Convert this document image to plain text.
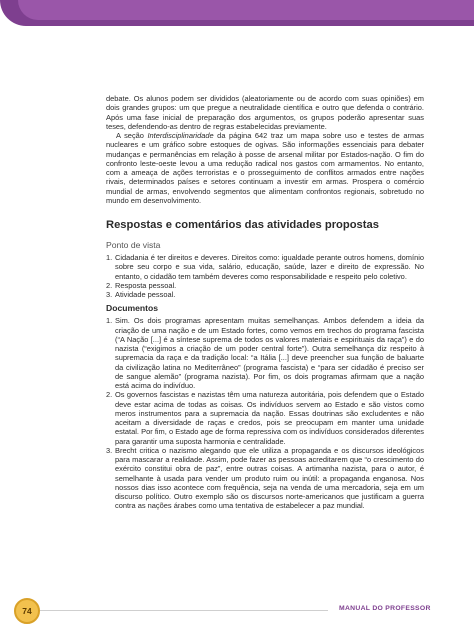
debate. Os alunos podem ser divididos (aleatoriamente ou de acordo com suas opiniões) em dois grandes grupos: um que pregue a neutralidade científica e outro que defenda o contrário. Após uma fase inicial de preparação dos argumentos, os grupos poderão apresentar suas teses, defendendo-as dentro de regras estabelecidas previamente.

A seção Interdisciplinaridade da página 642 traz um mapa sobre uso e testes de armas nucleares e um gráfico sobre estoques de ogivas. São informações essenciais para debater mudanças e permanências em relação à posse de arsenal militar por Estados-nação. O fim do confronto leste-oeste levou a uma redução radical nos gastos com armamentos. No entanto, com a ameaça de ações terroristas e o prosseguimento de conflitos armados entre nações rivais, determinados países e setores continuam a investir em armas. Prospera o comércio mundial de armas, envolvendo segmentos que alimentam confrontos regionais, sobretudo no mundo em desenvolvimento.

Respostas e comentários das atividades propostas
Ponto de vista
1. Cidadania é ter direitos e deveres. Direitos como: igualdade perante outros homens, domínio sobre seu corpo e sua vida, salário, educação, saúde, lazer e direito de expressão. No entanto, o cidadão tem também deveres como responsabilidade e respeito pelo coletivo.
2. Resposta pessoal.
3. Atividade pessoal.
Documentos
1. Sim. Os dois programas apresentam muitas semelhanças. Ambos defendem a ideia da criação de uma nação e de um Estado fortes, como vemos em trechos do programa fascista (“A Nação [...] é a síntese suprema de todos os valores materiais e espirituais da raça”) e do nazista (“exigimos a criação de um poder central forte”). Outra semelhança diz respeito à supremacia da raça e da tradição local: “a Itália [...] deve preencher sua função de baluarte da civilização latina no Mediterrâneo” (programa fascista) e “para ser cidadão é preciso ser de sangue alemão” (programa nazista). Por fim, os dois programas afirmam que a nação está acima do indivíduo.
2. Os governos fascistas e nazistas têm uma natureza autoritária, pois defendem que o Estado deve estar acima de todas as coisas. Os indivíduos servem ao Estado e são vistos como meros instrumentos para a supremacia da nação. Essas doutrinas são excludentes e não aceitam a diversidade de raças e credos, pois se preocupam em manter uma unidade estatal. Por fim, o Estado age de forma repressiva com os indivíduos considerados diferentes para garantir uma suposta harmonia e centralidade.
3. Brecht critica o nazismo alegando que ele utiliza a propaganda e os discursos ideológicos para mascarar a realidade. Assim, pode fazer as pessoas acreditarem que “o crescimento do exército constitui obra de paz”, entre outras coisas. A artimanha nazista, para o autor, é semelhante à usada para vender um produto ruim ou inútil: a propaganda enganosa. Nos nossos dias isso acontece com frequência, seja na venda de uma mercadoria, seja em um discurso político. Outro exemplo são os discursos norte-americanos que justificam a guerra contra as nações árabes como uma tentativa de estabelecer a paz mundial.
74	MANUAL DO PROFESSOR
